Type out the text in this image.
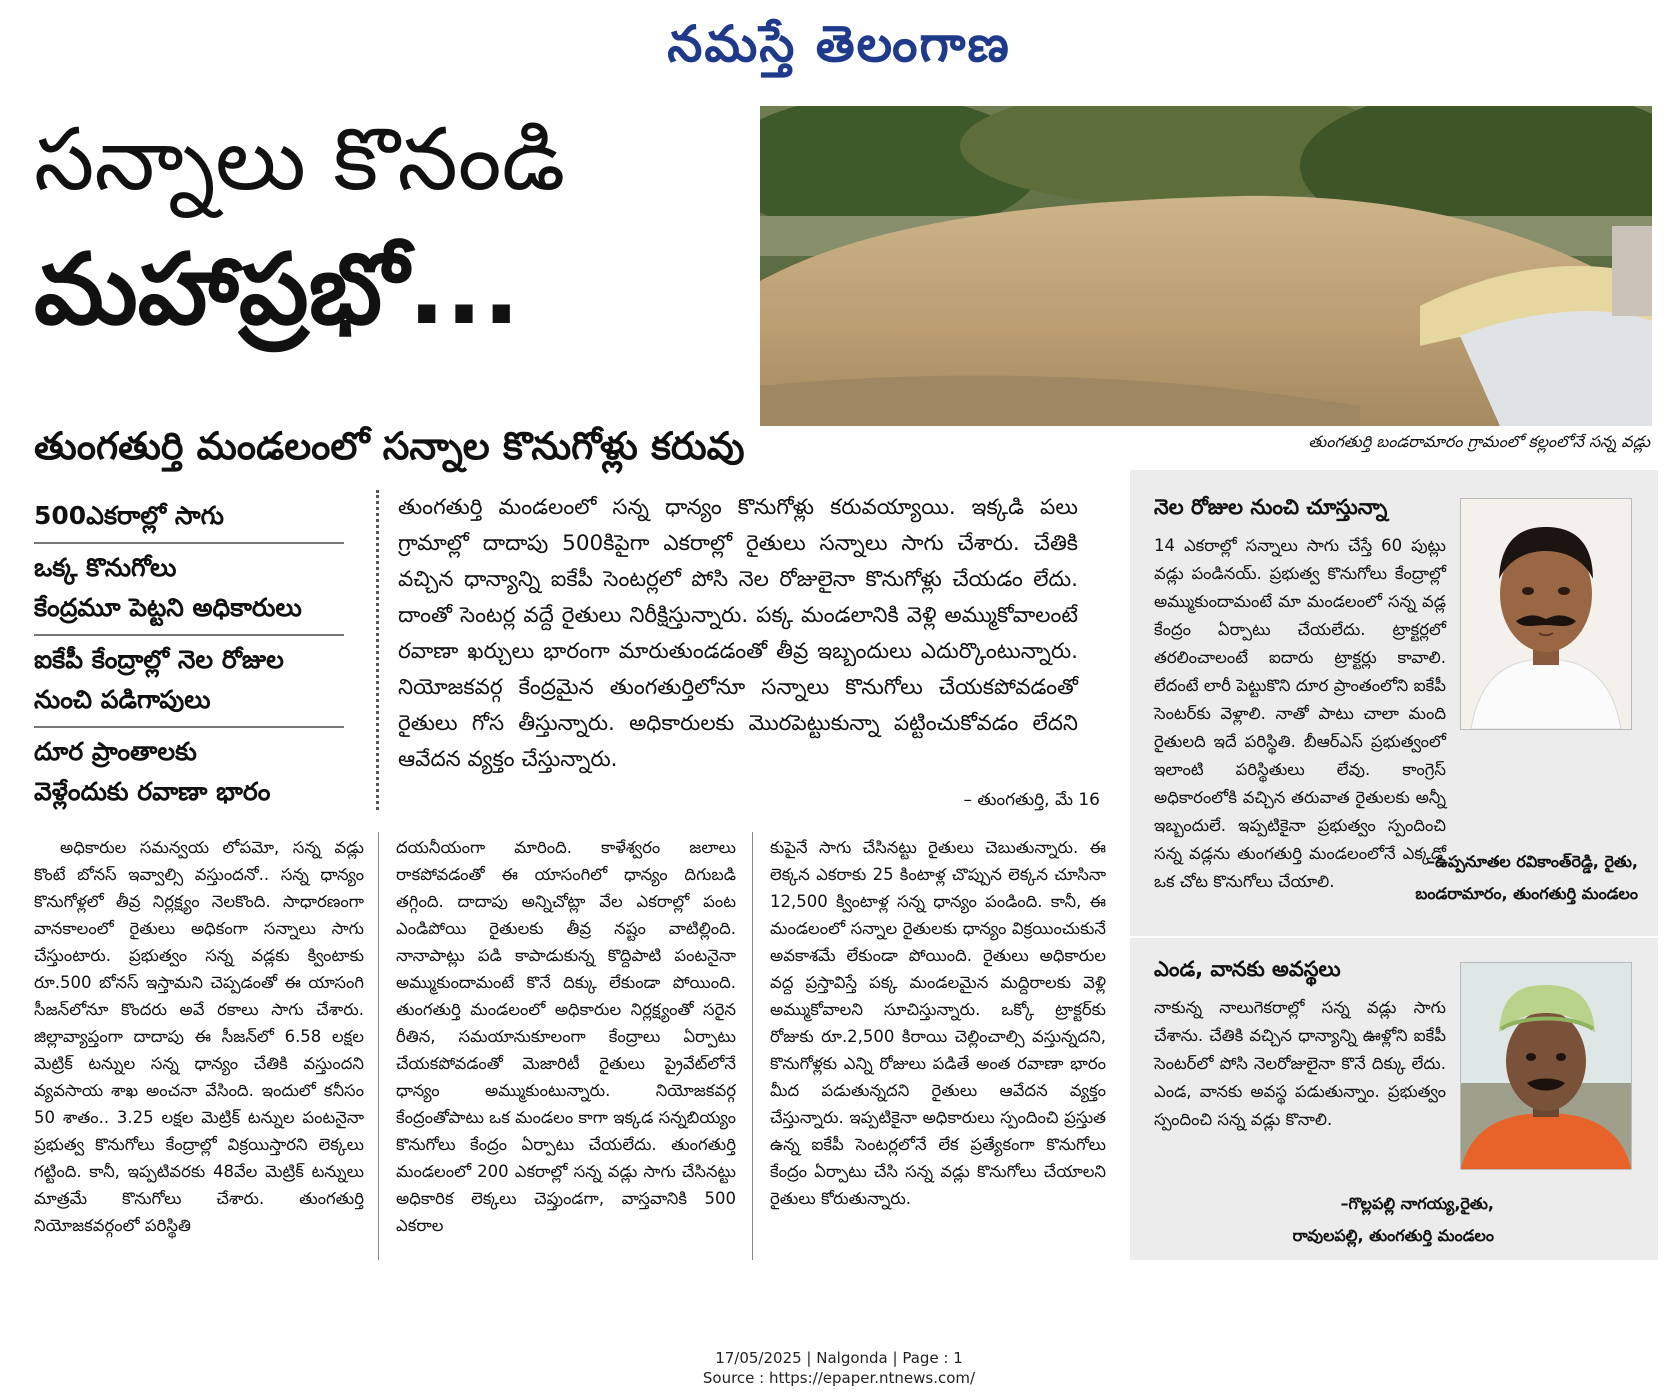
నమస్తే తెలంగాణ
సన్నాలు కొనండి
మహాప్రభో...
తుంగతుర్తి మండలంలో సన్నాల కొనుగోళ్లు కరువు	తుంగతుర్తి బండరామారం గ్రామంలో కల్లంలోనే సన్న వడ్లు
500ఎకరాల్లో సాగు
ఒక్క కొనుగోలు
కేంద్రమూ పెట్టని అధికారులు
ఐకేపీ కేంద్రాల్లో నెల రోజుల
నుంచి పడిగాపులు
దూర ప్రాంతాలకు
వెళ్లేందుకు రవాణా భారం

తుంగతుర్తి మండలంలో సన్న ధాన్యం కొనుగోళ్లు కరువయ్యాయి. ఇక్కడి పలు గ్రామాల్లో దాదాపు 500కిపైగా ఎకరాల్లో రైతులు సన్నాలు సాగు చేశారు. చేతికి వచ్చిన ధాన్యాన్ని ఐకేపీ సెంటర్లలో పోసి నెల రోజులైనా కొనుగోళ్లు చేయడం లేదు. దాంతో సెంటర్ల వద్దే రైతులు నిరీక్షిస్తున్నారు. పక్క మండలానికి వెళ్లి అమ్ముకోవాలంటే రవాణా ఖర్చులు భారంగా మారుతుండడంతో తీవ్ర ఇబ్బందులు ఎదుర్కొంటున్నారు. నియోజకవర్గ కేంద్రమైన తుంగతుర్తిలోనూ సన్నాలు కొనుగోలు చేయకపోవడంతో రైతులు గోస తీస్తున్నారు. అధికారులకు మొరపెట్టుకున్నా పట్టించుకోవడం లేదని ఆవేదన వ్యక్తం చేస్తున్నారు.

– తుంగతుర్తి, మే 16

అధికారుల సమన్వయ లోపమో, సన్న వడ్లు కొంటే బోనస్ ఇవ్వాల్సి వస్తుందనో.. సన్న ధాన్యం కొనుగోళ్లలో తీవ్ర నిర్లక్ష్యం నెలకొంది. సాధారణంగా వానకాలంలో రైతులు అధికంగా సన్నాలు సాగు చేస్తుంటారు. ప్రభుత్వం సన్న వడ్లకు క్వింటాకు రూ.500 బోనస్ ఇస్తామని చెప్పడంతో ఈ యాసంగి సీజన్‌లోనూ కొందరు అవే రకాలు సాగు చేశారు. జిల్లావ్యాప్తంగా దాదాపు ఈ సీజన్‌లో 6.58 లక్షల మెట్రిక్ టన్నుల సన్న ధాన్యం చేతికి వస్తుందని వ్యవసాయ శాఖ అంచనా వేసింది. ఇందులో కనీసం 50 శాతం.. 3.25 లక్షల మెట్రిక్ టన్నుల పంటనైనా ప్రభుత్వ కొనుగోలు కేంద్రాల్లో విక్రయిస్తారని లెక్కలు గట్టింది. కానీ, ఇప్పటివరకు 48వేల మెట్రిక్ టన్నులు మాత్రమే కొనుగోలు చేశారు. తుంగతుర్తి నియోజకవర్గంలో పరిస్థితి

దయనీయంగా మారింది. కాళేశ్వరం జలాలు రాకపోవడంతో ఈ యాసంగిలో ధాన్యం దిగుబడి తగ్గింది. దాదాపు అన్నిచోట్లా వేల ఎకరాల్లో పంట ఎండిపోయి రైతులకు తీవ్ర నష్టం వాటిల్లింది. నానాపాట్లు పడి కాపాడుకున్న కొద్దిపాటి పంటనైనా అమ్ముకుందామంటే కొనే దిక్కు లేకుండా పోయింది. తుంగతుర్తి మండలంలో అధికారుల నిర్లక్ష్యంతో సరైన రీతిన, సమయానుకూలంగా కేంద్రాలు ఏర్పాటు చేయకపోవడంతో మెజారిటీ రైతులు ప్రైవేట్‌లోనే ధాన్యం అమ్ముకుంటున్నారు. నియోజకవర్గ కేంద్రంతోపాటు ఒక మండలం కాగా ఇక్కడ సన్నబియ్యం కొనుగోలు కేంద్రం ఏర్పాటు చేయలేదు. తుంగతుర్తి మండలంలో 200 ఎకరాల్లో సన్న వడ్లు సాగు చేసినట్టు అధికారిక లెక్కలు చెప్తుండగా, వాస్తవానికి 500 ఎకరాల

కుపైనే సాగు చేసినట్టు రైతులు చెబుతున్నారు. ఈ లెక్కన ఎకరాకు 25 కింటాళ్ల చొప్పున లెక్కన చూసినా 12,500 క్వింటాళ్ల సన్న ధాన్యం పండింది. కానీ, ఈ మండలంలో సన్నాల రైతులకు ధాన్యం విక్రయించుకునే అవకాశమే లేకుండా పోయింది. రైతులు అధికారుల వద్ద ప్రస్తావిస్తే పక్క మండలమైన మద్దిరాలకు వెళ్లి అమ్ముకోవాలని సూచిస్తున్నారు. ఒక్కో ట్రాక్టర్‌కు రోజుకు రూ.2,500 కిరాయి చెల్లించాల్సి వస్తున్నదని, కొనుగోళ్లకు ఎన్ని రోజులు పడితే అంత రవాణా భారం మీద పడుతున్నదని రైతులు ఆవేదన వ్యక్తం చేస్తున్నారు. ఇప్పటికైనా అధికారులు స్పందించి ప్రస్తుత ఉన్న ఐకేపీ సెంటర్లలోనే లేక ప్రత్యేకంగా కొనుగోలు కేంద్రం ఏర్పాటు చేసి సన్న వడ్లు కొనుగోలు చేయాలని రైతులు కోరుతున్నారు.

నెల రోజుల నుంచి చూస్తున్నా
14 ఎకరాల్లో సన్నాలు సాగు చేస్తే 60 పుట్లు వడ్లు పండినయ్. ప్రభుత్వ కొనుగోలు కేంద్రాల్లో అమ్ముకుందామంటే మా మండలంలో సన్న వడ్ల కేంద్రం ఏర్పాటు చేయలేదు. ట్రాక్టర్లలో తరలించాలంటే ఐదారు ట్రాక్టర్లు కావాలి. లేదంటే లారీ పెట్టుకొని దూర ప్రాంతంలోని ఐకేపీ సెంటర్‌కు వెళ్లాలి. నాతో పాటు చాలా మంది రైతులది ఇదే పరిస్థితి. బీఆర్‌ఎస్ ప్రభుత్వంలో ఇలాంటి పరిస్థితులు లేవు. కాంగ్రెస్ అధికారంలోకి వచ్చిన తరువాత రైతులకు అన్నీ ఇబ్బందులే. ఇప్పటికైనా ప్రభుత్వం స్పందించి సన్న వడ్లను తుంగతుర్తి మండలంలోనే ఎక్కడో ఒక చోట కొనుగోలు చేయాలి.
–ఉప్పనూతల రవికాంత్‌రెడ్డి, రైతు,
బండరామారం, తుంగతుర్తి మండలం
ఎండ, వానకు అవస్థలు
నాకున్న నాలుగెకరాల్లో సన్న వడ్లు సాగు చేశాను. చేతికి వచ్చిన ధాన్యాన్ని ఊళ్లోని ఐకేపీ సెంటర్‌లో పోసి నెలరోజులైనా కొనే దిక్కు లేదు. ఎండ, వానకు అవస్థ పడుతున్నాం. ప్రభుత్వం స్పందించి సన్న వడ్లు కొనాలి.
–గొల్లపల్లి నాగయ్య,రైతు,
రావులపల్లి, తుంగతుర్తి మండలం
17/05/2025 | Nalgonda | Page : 1
Source : https://epaper.ntnews.com/
